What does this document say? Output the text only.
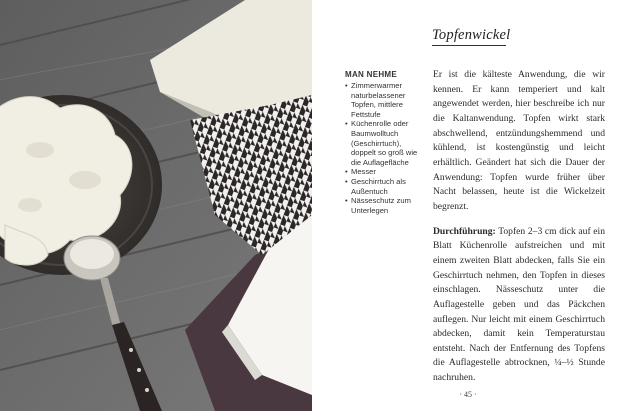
Topfenwickel
MAN NEHME
• Zimmerwarmer naturbelassener Topfen, mittlere Fettstufe
• Küchenrolle oder Baumwolltuch (Geschirrtuch), doppelt so groß wie die Auflagefläche
• Messer
• Geschirrtuch als Außentuch
• Nässeschutz zum Unterlegen

Er ist die kälteste Anwendung, die wir kennen. Er kann temperiert und kalt angewendet werden, hier beschreibe ich nur die Kaltanwendung. Topfen wirkt stark abschwellend, entzündungshemmend und kühlend, ist kostengünstig und leicht erhältlich. Geändert hat sich die Dauer der Anwendung: Topfen wurde früher über Nacht belassen, heute ist die Wickelzeit begrenzt.

Durchführung: Topfen 2–3 cm dick auf ein Blatt Küchenrolle aufstreichen und mit einem zweiten Blatt abdecken, falls Sie ein Geschirrtuch nehmen, den Topfen in dieses einschlagen. Nässeschutz unter die Auflagestelle geben und das Päckchen auflegen. Nur leicht mit einem Geschirrtuch abdecken, damit kein Temperaturstau entsteht. Nach der Entfernung des Topfens die Auflagestelle abtrocknen, ¼–½ Stunde nachruhen.

· 45 ·
